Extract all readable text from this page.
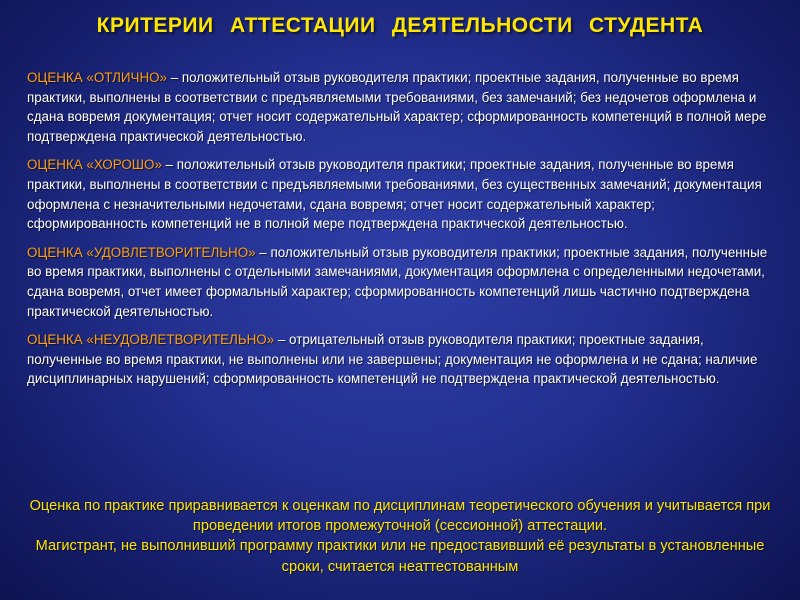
КРИТЕРИИ АТТЕСТАЦИИ ДЕЯТЕЛЬНОСТИ СТУДЕНТА

ОЦЕНКА «ОТЛИЧНО» – положительный отзыв руководителя практики; проектные задания, полученные во время практики, выполнены в соответствии с предъявляемыми требованиями, без замечаний; без недочетов оформлена и сдана вовремя документация; отчет носит содержательный характер; сформированность компетенций в полной мере подтверждена практической деятельностью.

ОЦЕНКА «ХОРОШО» – положительный отзыв руководителя практики; проектные задания, полученные во время практики, выполнены в соответствии с предъявляемыми требованиями, без существенных замечаний; документация оформлена с незначительными недочетами, сдана вовремя; отчет носит содержательный характер; сформированность компетенций не в полной мере подтверждена практической деятельностью.

ОЦЕНКА «УДОВЛЕТВОРИТЕЛЬНО» – положительный отзыв руководителя практики; проектные задания, полученные во время практики, выполнены с отдельными замечаниями, документация оформлена с определенными недочетами, сдана вовремя, отчет имеет формальный характер; сформированность компетенций лишь частично подтверждена практической деятельностью.

ОЦЕНКА «НЕУДОВЛЕТВОРИТЕЛЬНО» – отрицательный отзыв руководителя практики; проектные задания, полученные во время практики, не выполнены или не завершены; документация не оформлена и не сдана; наличие дисциплинарных нарушений; сформированность компетенций не подтверждена практической деятельностью.

Оценка по практике приравнивается к оценкам по дисциплинам теоретического обучения и учитывается при проведении итогов промежуточной (сессионной) аттестации.

Магистрант, не выполнивший программу практики или не предоставивший её результаты в установленные сроки, считается неаттестованным
